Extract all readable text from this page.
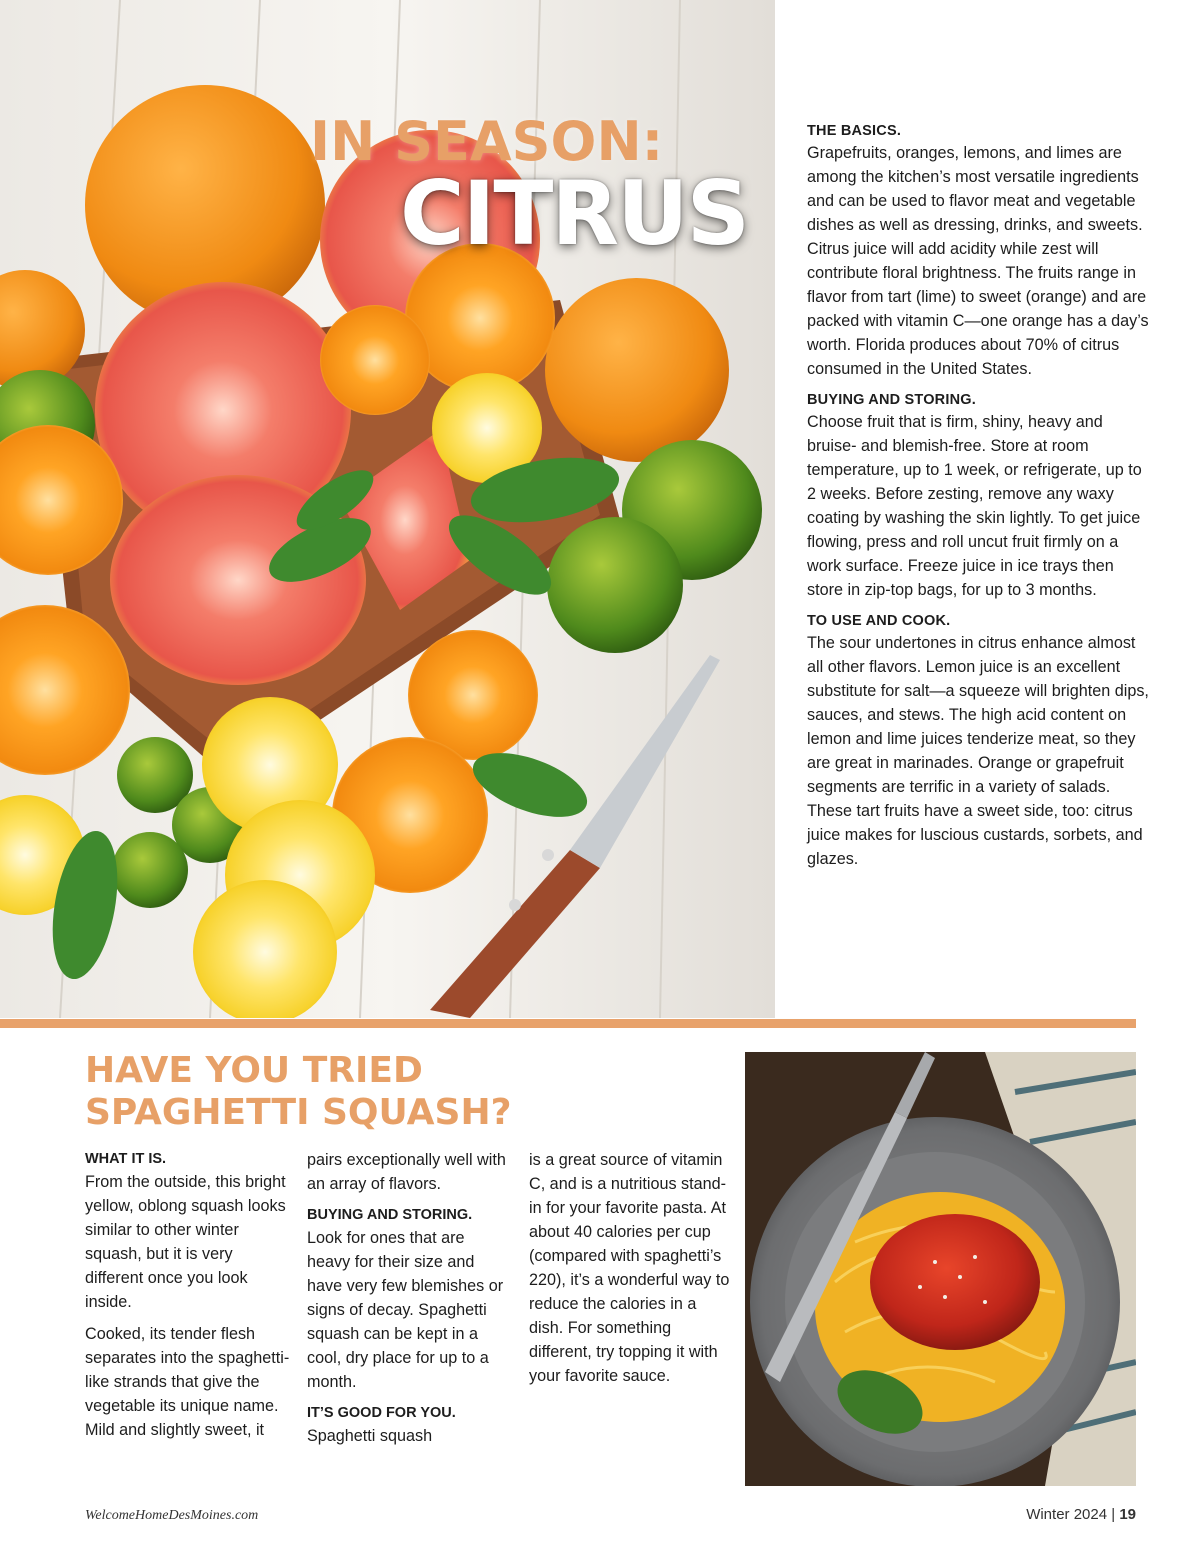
IN SEASON:
CITRUS
THE BASICS.

Grapefruits, oranges, lemons, and limes are among the kitchen’s most versatile ingredients and can be used to flavor meat and vegetable dishes as well as dressing, drinks, and sweets. Citrus juice will add acidity while zest will contribute floral brightness. The fruits range in flavor from tart (lime) to sweet (orange) and are packed with vitamin C—one orange has a day’s worth. Florida produces about 70% of citrus consumed in the United States.

BUYING AND STORING.

Choose fruit that is firm, shiny, heavy and bruise- and blemish-free. Store at room temperature, up to 1 week, or refrigerate, up to 2 weeks. Before zesting, remove any waxy coating by washing the skin lightly. To get juice flowing, press and roll uncut fruit firmly on a work surface. Freeze juice in ice trays then store in zip-top bags, for up to 3 months.

TO USE AND COOK.

The sour undertones in citrus enhance almost all other flavors. Lemon juice is an excellent substitute for salt—a squeeze will brighten dips, sauces, and stews. The high acid content on lemon and lime juices tenderize meat, so they are great in marinades. Orange or grapefruit segments are terrific in a variety of salads. These tart fruits have a sweet side, too: citrus juice makes for luscious custards, sorbets, and glazes.

HAVE YOU TRIED
SPAGHETTI SQUASH?
WHAT IT IS.

From the outside, this bright yellow, oblong squash looks similar to other winter squash, but it is very different once you look inside.

Cooked, its tender flesh separates into the spaghetti-like strands that give the vegetable its unique name. Mild and slightly sweet, it

pairs exceptionally well with an array of flavors.

BUYING AND STORING.

Look for ones that are heavy for their size and have very few blemishes or signs of decay. Spaghetti squash can be kept in a cool, dry place for up to a month.

IT’S GOOD FOR YOU.

Spaghetti squash

is a great source of vitamin C, and is a nutritious stand-in for your favorite pasta. At about 40 calories per cup (compared with spaghetti’s 220), it’s a wonderful way to reduce the calories in a dish. For something different, try topping it with your favorite sauce.

WelcomeHomeDesMoines.com	Winter 2024 | 19
